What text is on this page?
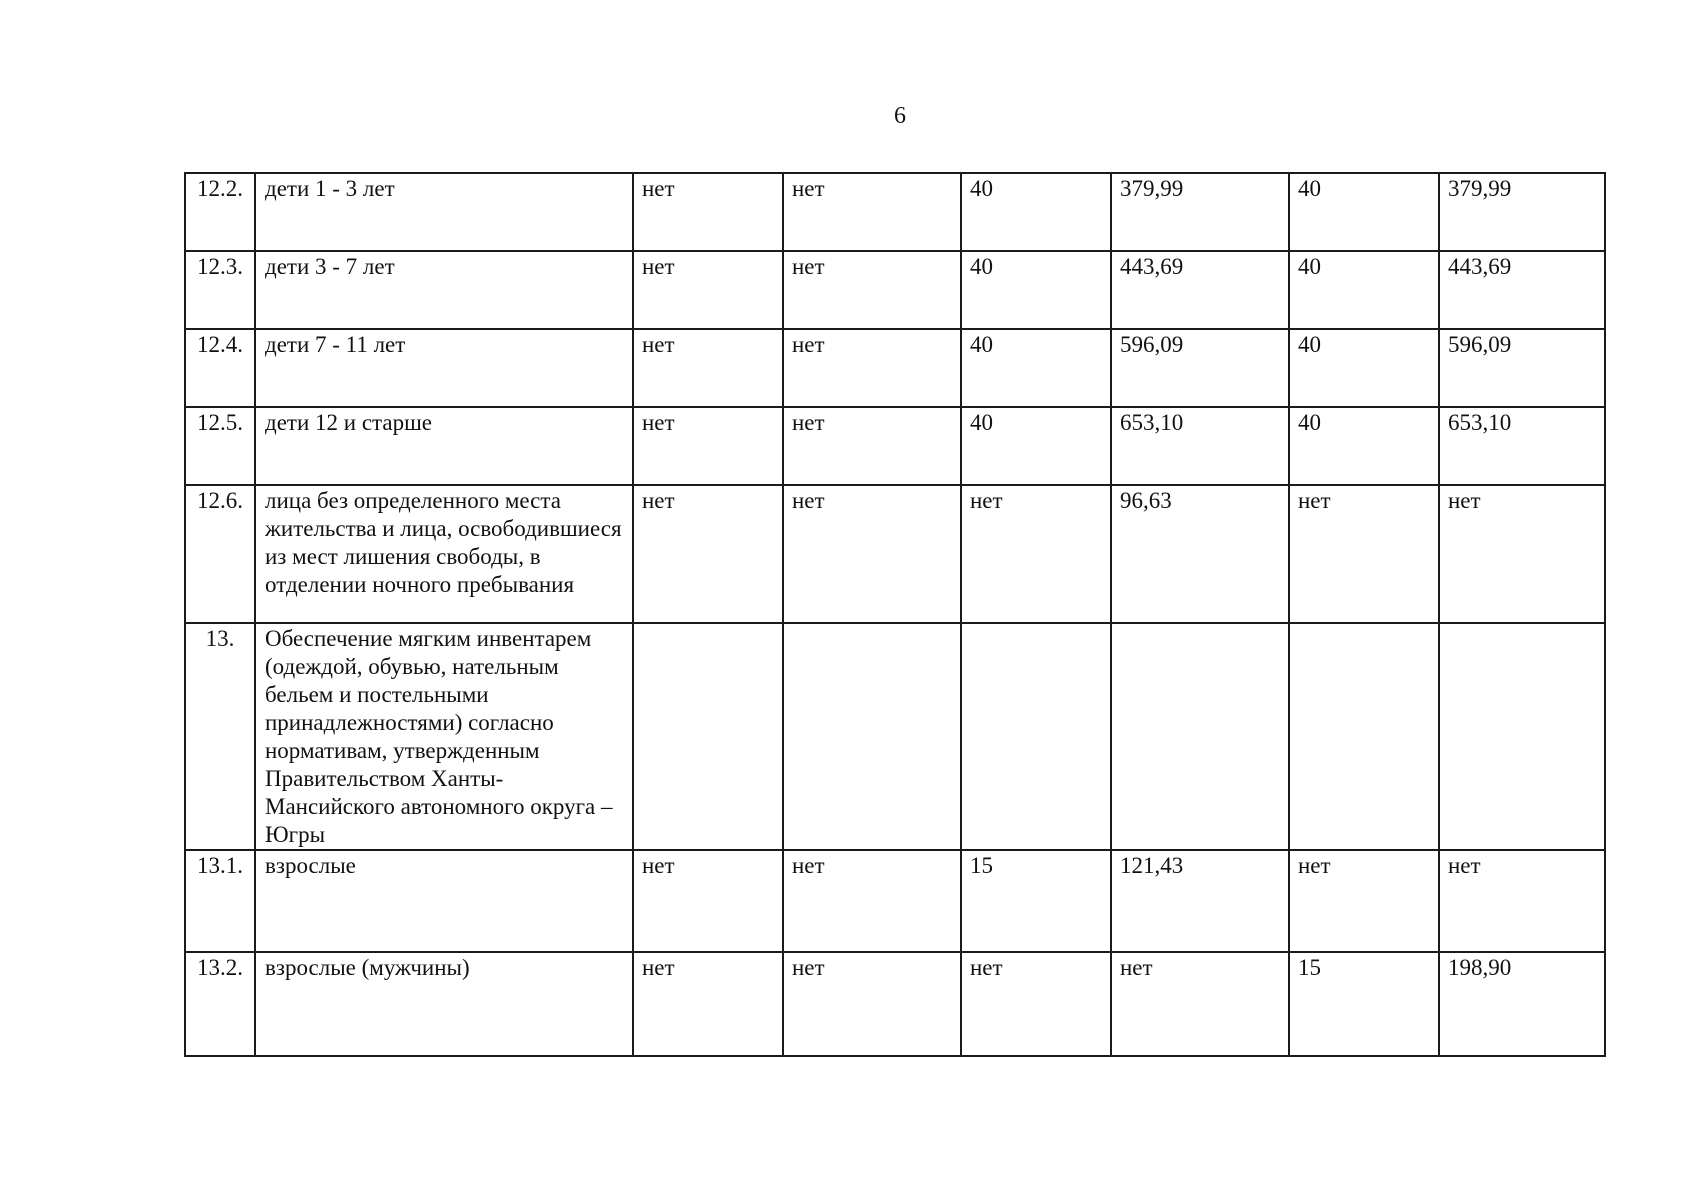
6
12.2.	дети 1 - 3 лет	нет	нет	40	379,99	40	379,99
12.3.	дети 3 - 7 лет	нет	нет	40	443,69	40	443,69
12.4.	дети 7 - 11 лет	нет	нет	40	596,09	40	596,09
12.5.	дети 12 и старше	нет	нет	40	653,10	40	653,10
12.6.	лица без определенного места жительства и лица, освободившиеся из мест лишения свободы, в отделении ночного пребывания	нет	нет	нет	96,63	нет	нет
13.	Обеспечение мягким инвентарем (одеждой, обувью, нательным бельем и постельными принадлежностями) согласно нормативам, утвержденным Правительством Ханты-Мансийского автономного округа – Югры						
13.1.	взрослые	нет	нет	15	121,43	нет	нет
13.2.	взрослые (мужчины)	нет	нет	нет	нет	15	198,90
